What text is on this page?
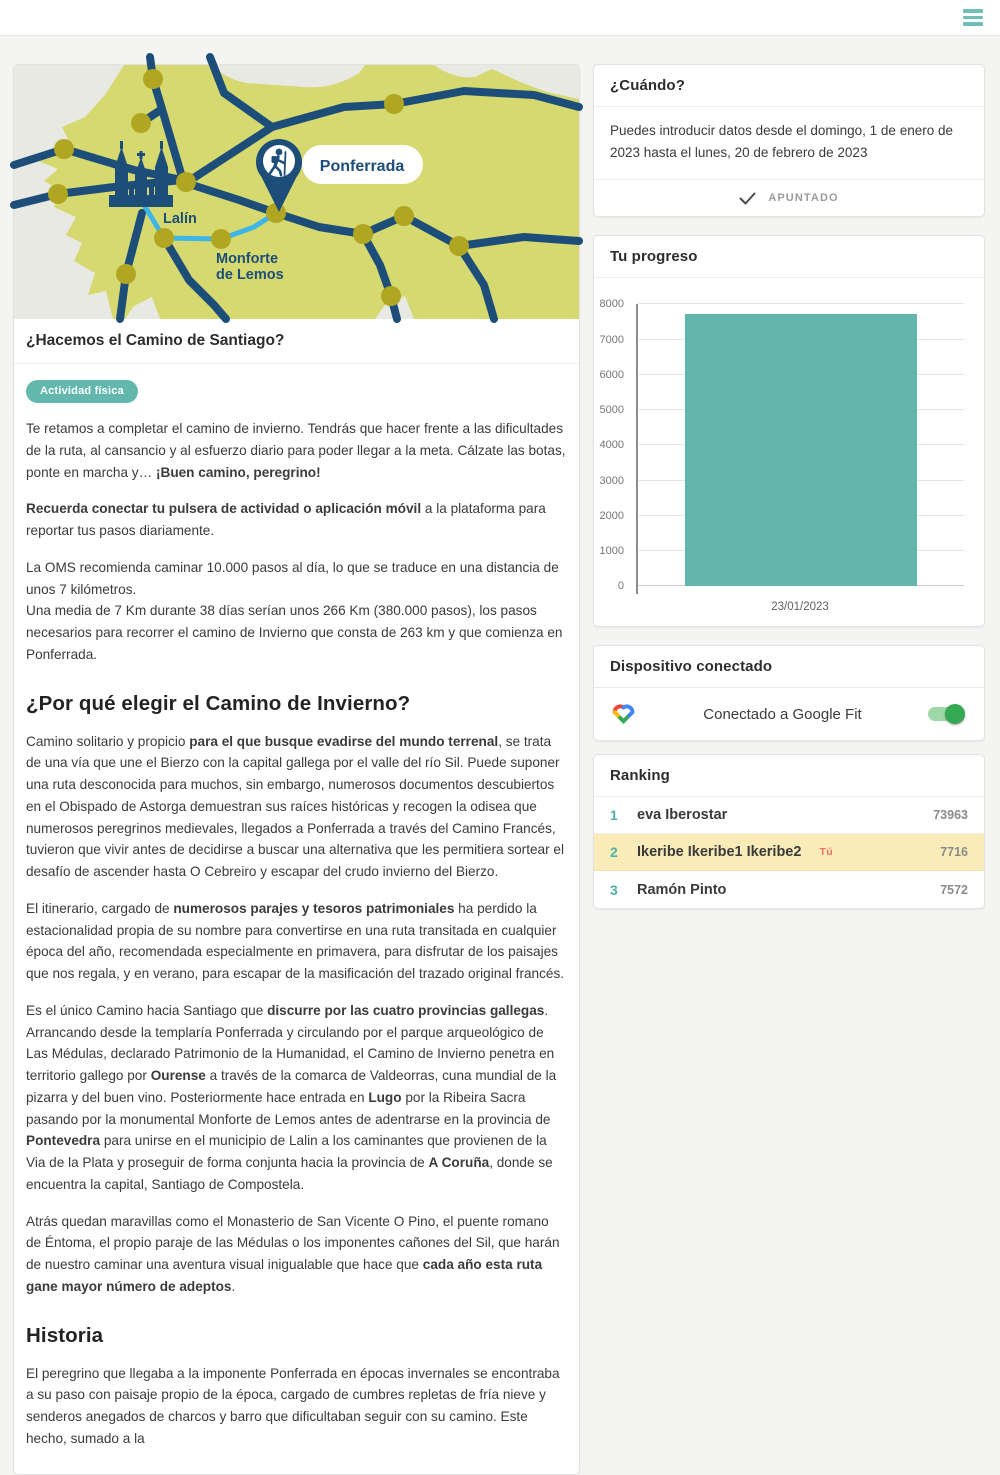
Ponferrada
Lalín
Monforte
de Lemos
¿Hacemos el Camino de Santiago?
Actividad física

Te retamos a completar el camino de invierno. Tendrás que hacer frente a las dificultades de la ruta, al cansancio y al esfuerzo diario para poder llegar a la meta. Cálzate las botas, ponte en marcha y… ¡Buen camino, peregrino!

Recuerda conectar tu pulsera de actividad o aplicación móvil a la plataforma para reportar tus pasos diariamente.

La OMS recomienda caminar 10.000 pasos al día, lo que se traduce en una distancia de unos 7 kilómetros.
Una media de 7 Km durante 38 días serían unos 266 Km (380.000 pasos), los pasos necesarios para recorrer el camino de Invierno que consta de 263 km y que comienza en Ponferrada.

¿Por qué elegir el Camino de Invierno?

Camino solitario y propicio para el que busque evadirse del mundo terrenal, se trata de una vía que une el Bierzo con la capital gallega por el valle del río Sil. Puede suponer una ruta desconocida para muchos, sin embargo, numerosos documentos descubiertos en el Obispado de Astorga demuestran sus raíces históricas y recogen la odisea que numerosos peregrinos medievales, llegados a Ponferrada a través del Camino Francés, tuvieron que vivir antes de decidirse a buscar una alternativa que les permitiera sortear el desafío de ascender hasta O Cebreiro y escapar del crudo invierno del Bierzo.

El itinerario, cargado de numerosos parajes y tesoros patrimoniales ha perdido la estacionalidad propia de su nombre para convertirse en una ruta transitada en cualquier época del año, recomendada especialmente en primavera, para disfrutar de los paisajes que nos regala, y en verano, para escapar de la masificación del trazado original francés.

Es el único Camino hacia Santiago que discurre por las cuatro provincias gallegas. Arrancando desde la templaría Ponferrada y circulando por el parque arqueológico de Las Médulas, declarado Patrimonio de la Humanidad, el Camino de Invierno penetra en territorio gallego por Ourense a través de la comarca de Valdeorras, cuna mundial de la pizarra y del buen vino. Posteriormente hace entrada en Lugo por la Ribeira Sacra pasando por la monumental Monforte de Lemos antes de adentrarse en la provincia de Pontevedra para unirse en el municipio de Lalin a los caminantes que provienen de la Via de la Plata y proseguir de forma conjunta hacia la provincia de A Coruña, donde se encuentra la capital, Santiago de Compostela.

Atrás quedan maravillas como el Monasterio de San Vicente O Pino, el puente romano de Éntoma, el propio paraje de las Médulas o los imponentes cañones del Sil, que harán de nuestro caminar una aventura visual inigualable que hace que cada año esta ruta gane mayor número de adeptos.

Historia

El peregrino que llegaba a la imponente Ponferrada en épocas invernales se encontraba a su paso con paisaje propio de la época, cargado de cumbres repletas de fría nieve y senderos anegados de charcos y barro que dificultaban seguir con su camino. Este hecho, sumado a la

¿Cuándo?
Puedes introducir datos desde el domingo, 1 de enero de 2023 hasta el lunes, 20 de febrero de 2023
APUNTADO
Tu progreso
0
1000
2000
3000
4000
5000
6000
7000
8000
23/01/2023
Dispositivo conectado
Conectado a Google Fit
Ranking
1	eva Iberostar	73963
2	Ikeribe Ikeribe1 Ikeribe2 Tú	7716
3	Ramón Pinto	7572
